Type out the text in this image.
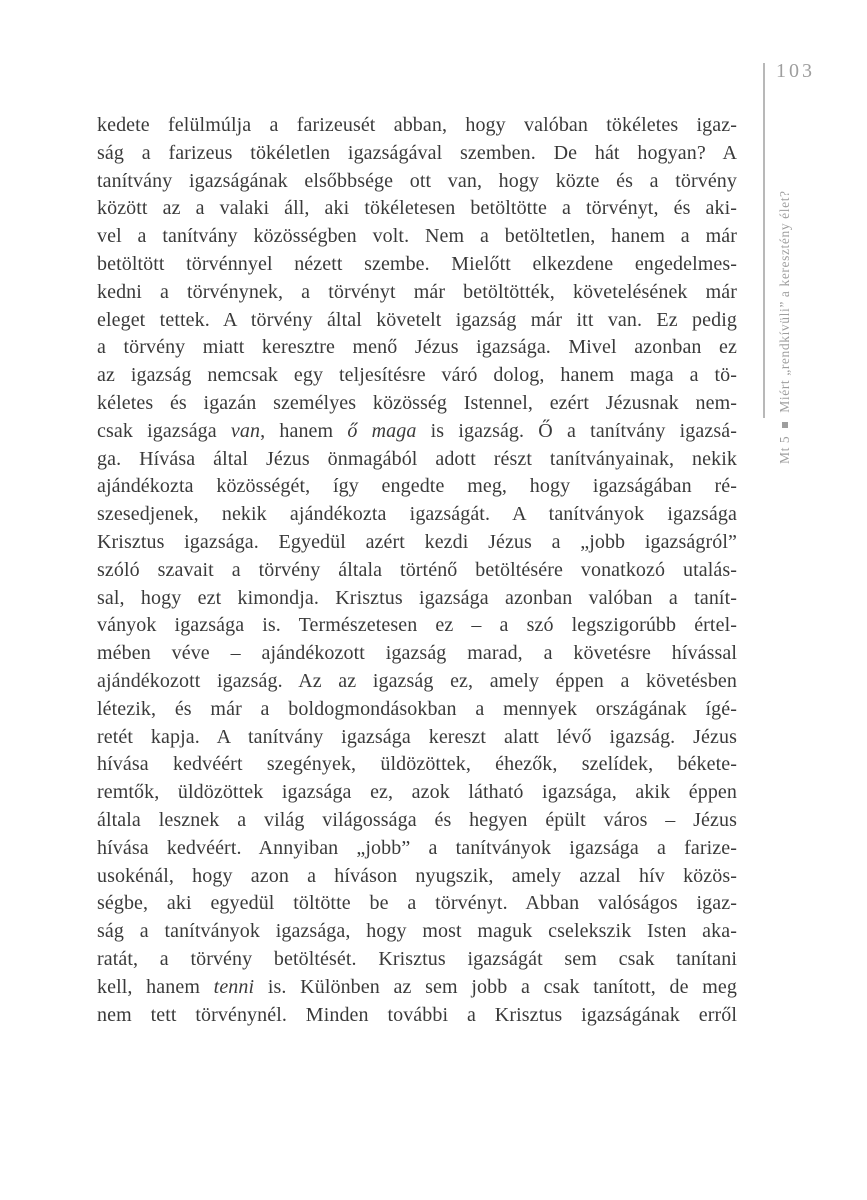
kedete felülmúlja a farizeusét abban, hogy valóban tökéletes igaz-
ság a farizeus tökéletlen igazságával szemben. De hát hogyan? A
tanítvány igazságának elsőbbsége ott van, hogy közte és a törvény
között az a valaki áll, aki tökéletesen betöltötte a törvényt, és aki-
vel a tanítvány közösségben volt. Nem a betöltetlen, hanem a már
betöltött törvénnyel nézett szembe. Mielőtt elkezdene engedelmes-
kedni a törvénynek, a törvényt már betöltötték, követelésének már
eleget tettek. A törvény által követelt igazság már itt van. Ez pedig
a törvény miatt keresztre menő Jézus igazsága. Mivel azonban ez
az igazság nemcsak egy teljesítésre váró dolog, hanem maga a tö-
kéletes és igazán személyes közösség Istennel, ezért Jézusnak nem-
csak igazsága van, hanem ő maga is igazság. Ő a tanítvány igazsá-
ga. Hívása által Jézus önmagából adott részt tanítványainak, nekik
ajándékozta közösségét, így engedte meg, hogy igazságában ré-
szesedjenek, nekik ajándékozta igazságát. A tanítványok igazsága
Krisztus igazsága. Egyedül azért kezdi Jézus a „jobb igazságról”
szóló szavait a törvény általa történő betöltésére vonatkozó utalás-
sal, hogy ezt kimondja. Krisztus igazsága azonban valóban a tanít-
ványok igazsága is. Természetesen ez – a szó legszigorúbb értel-
mében véve – ajándékozott igazság marad, a követésre hívással
ajándékozott igazság. Az az igazság ez, amely éppen a követésben
létezik, és már a boldogmondásokban a mennyek országának ígé-
retét kapja. A tanítvány igazsága kereszt alatt lévő igazság. Jézus
hívása kedvéért szegények, üldözöttek, éhezők, szelídek, békete-
remtők, üldözöttek igazsága ez, azok látható igazsága, akik éppen
általa lesznek a világ világossága és hegyen épült város – Jézus
hívása kedvéért. Annyiban „jobb” a tanítványok igazsága a farize-
usokénál, hogy azon a híváson nyugszik, amely azzal hív közös-
ségbe, aki egyedül töltötte be a törvényt. Abban valóságos igaz-
ság a tanítványok igazsága, hogy most maguk cselekszik Isten aka-
ratát, a törvény betöltését. Krisztus igazságát sem csak tanítani
kell, hanem tenni is. Különben az sem jobb a csak tanított, de meg
nem tett törvénynél. Minden további a Krisztus igazságának erről
103
Mt 5Miért „rendkívüli” a keresztény élet?
